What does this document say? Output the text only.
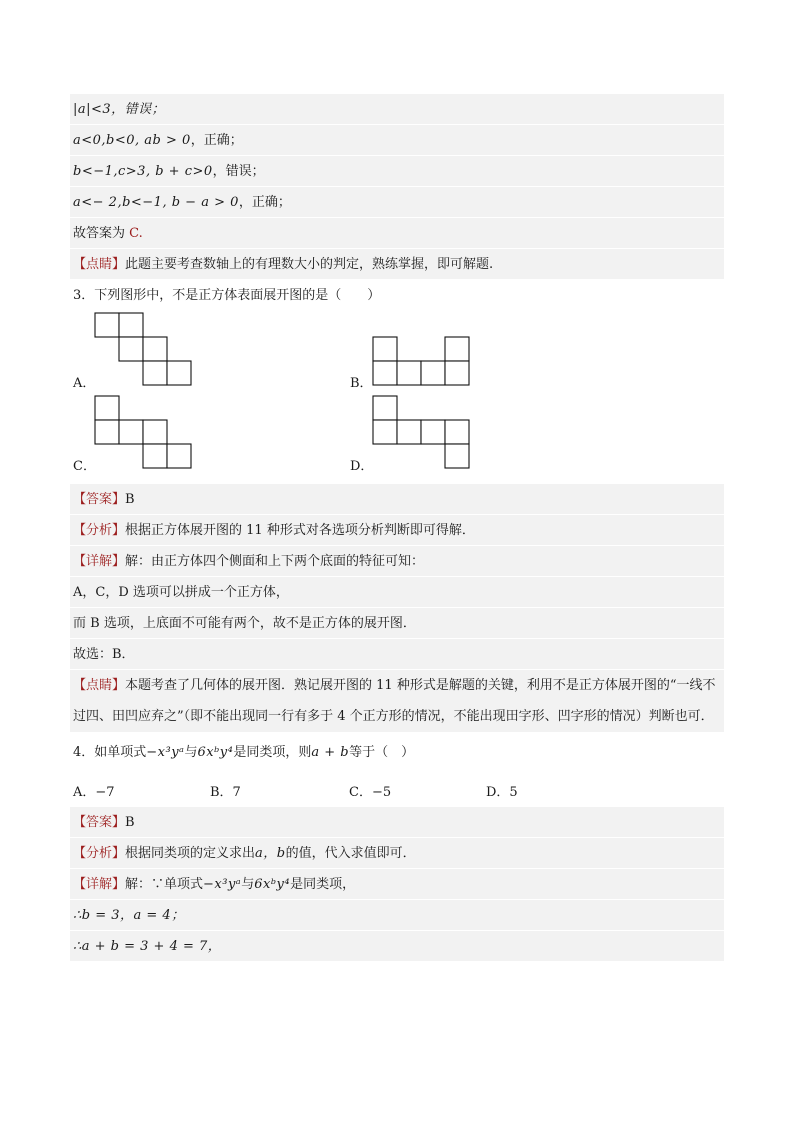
|a|<3，错误；
a<0,b<0, ab > 0，正确；
b<−1,c>3, b + c>0，错误；
a<− 2,b<−1, b − a > 0，正确；
故答案为 C.
【点睛】此题主要考查数轴上的有理数大小的判定，熟练掌握，即可解题.
3．下列图形中，不是正方体表面展开图的是（　　）
A．	B．
C．	D．
【答案】B
【分析】根据正方体展开图的 11 种形式对各选项分析判断即可得解．
【详解】解：由正方体四个侧面和上下两个底面的特征可知：
A，C，D 选项可以拼成一个正方体，
而 B 选项，上底面不可能有两个，故不是正方体的展开图．
故选：B．
【点睛】本题考查了几何体的展开图．熟记展开图的 11 种形式是解题的关键，利用不是正方体展开图的“一线不过四、田凹应弃之”（即不能出现同一行有多于 4 个正方形的情况，不能出现田字形、凹字形的情况）判断也可．
4．如单项式−x³yᵃ与6xᵇy⁴是同类项，则a + b等于（　）
A．−7	B．7	C．−5	D．5
【答案】B
【分析】根据同类项的定义求出a，b的值，代入求值即可．
【详解】解：∵单项式−x³yᵃ与6xᵇy⁴是同类项，
∴b = 3，a = 4；
∴a + b = 3 + 4 = 7，
